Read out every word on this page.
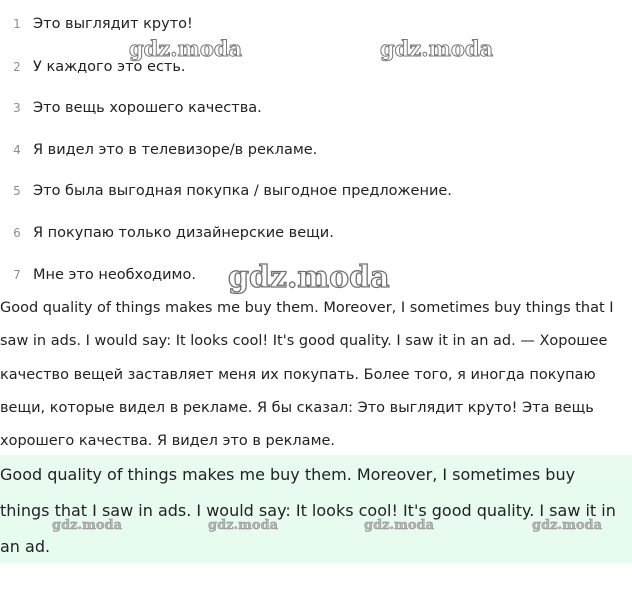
1 Это выглядит круто!
2 У каждого это есть.
3 Это вещь хорошего качества.
4 Я видел это в телевизоре/в рекламе.
5 Это была выгодная покупка / выгодное предложение.
6 Я покупаю только дизайнерские вещи.
7 Мне это необходимо.

Good quality of things makes me buy them. Moreover, I sometimes buy things that I saw in ads. I would say: It looks cool! It's good quality. I saw it in an ad. — Хорошее качество вещей заставляет меня их покупать. Более того, я иногда покупаю вещи, которые видел в рекламе. Я бы сказал: Это выглядит круто! Эта вещь хорошего качества. Я видел это в рекламе.

Good quality of things makes me buy them. Moreover, I sometimes buy things that I saw in ads. I would say: It looks cool! It's good quality. I saw it in an ad.

gdz.moda	gdz.moda
gdz.moda
gdz.moda	gdz.moda	gdz.moda	gdz.moda
